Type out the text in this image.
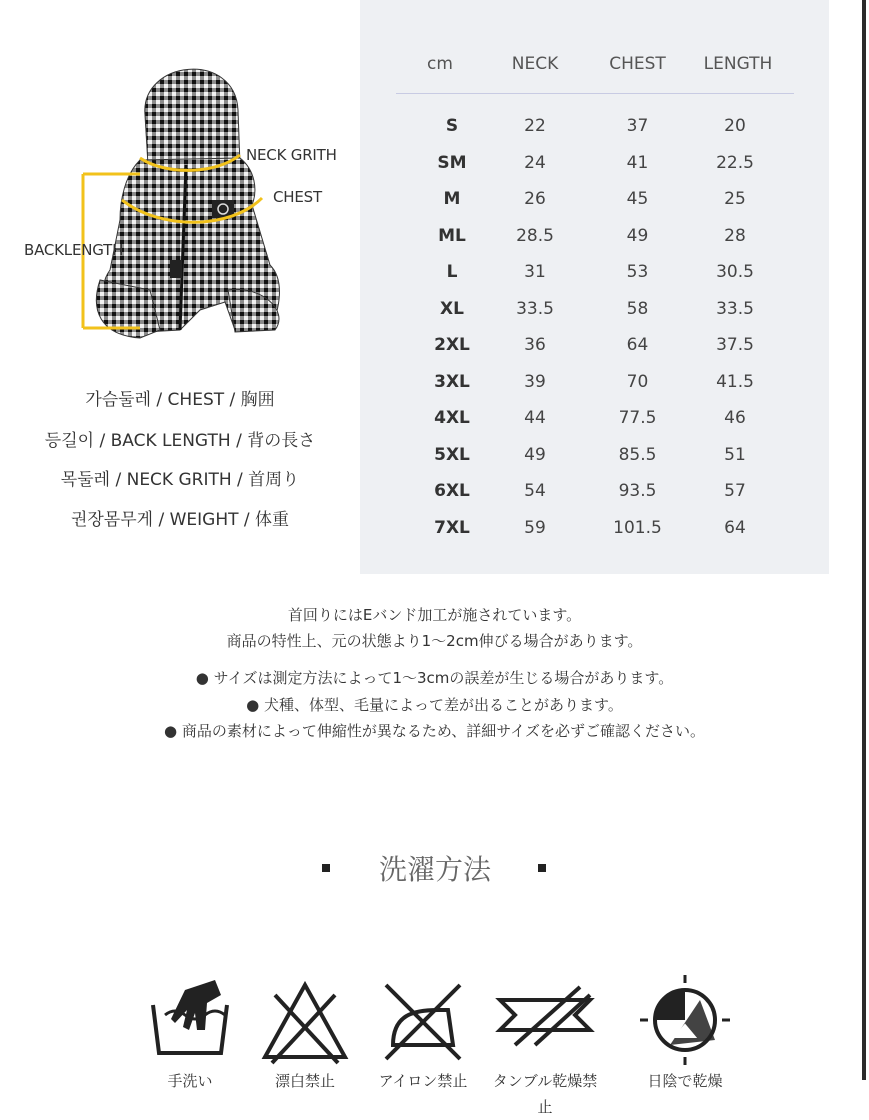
NECK GRITH
CHEST
BACKLENGTH
가슴둘레 / CHEST / 胸囲
등길이 / BACK LENGTH / 背の長さ
목둘레 / NECK GRITH / 首周り
권장몸무게 / WEIGHT / 体重
cm	NECK	CHEST	LENGTH
S	22	37	20
SM	24	41	22.5
M	26	45	25
ML	28.5	49	28
L	31	53	30.5
XL	33.5	58	33.5
2XL	36	64	37.5
3XL	39	70	41.5
4XL	44	77.5	46
5XL	49	85.5	51
6XL	54	93.5	57
7XL	59	101.5	64
首回りにはEバンド加工が施されています。
商品の特性上、元の状態より1〜2cm伸びる場合があります。
● サイズは測定方法によって1〜3cmの誤差が生じる場合があります。
● 犬種、体型、毛量によって差が出ることがあります。
● 商品の素材によって伸縮性が異なるため、詳細サイズを必ずご確認ください。
洗濯方法
手洗い	漂白禁止	アイロン禁止	タンブル乾燥禁止
日陰で乾燥
